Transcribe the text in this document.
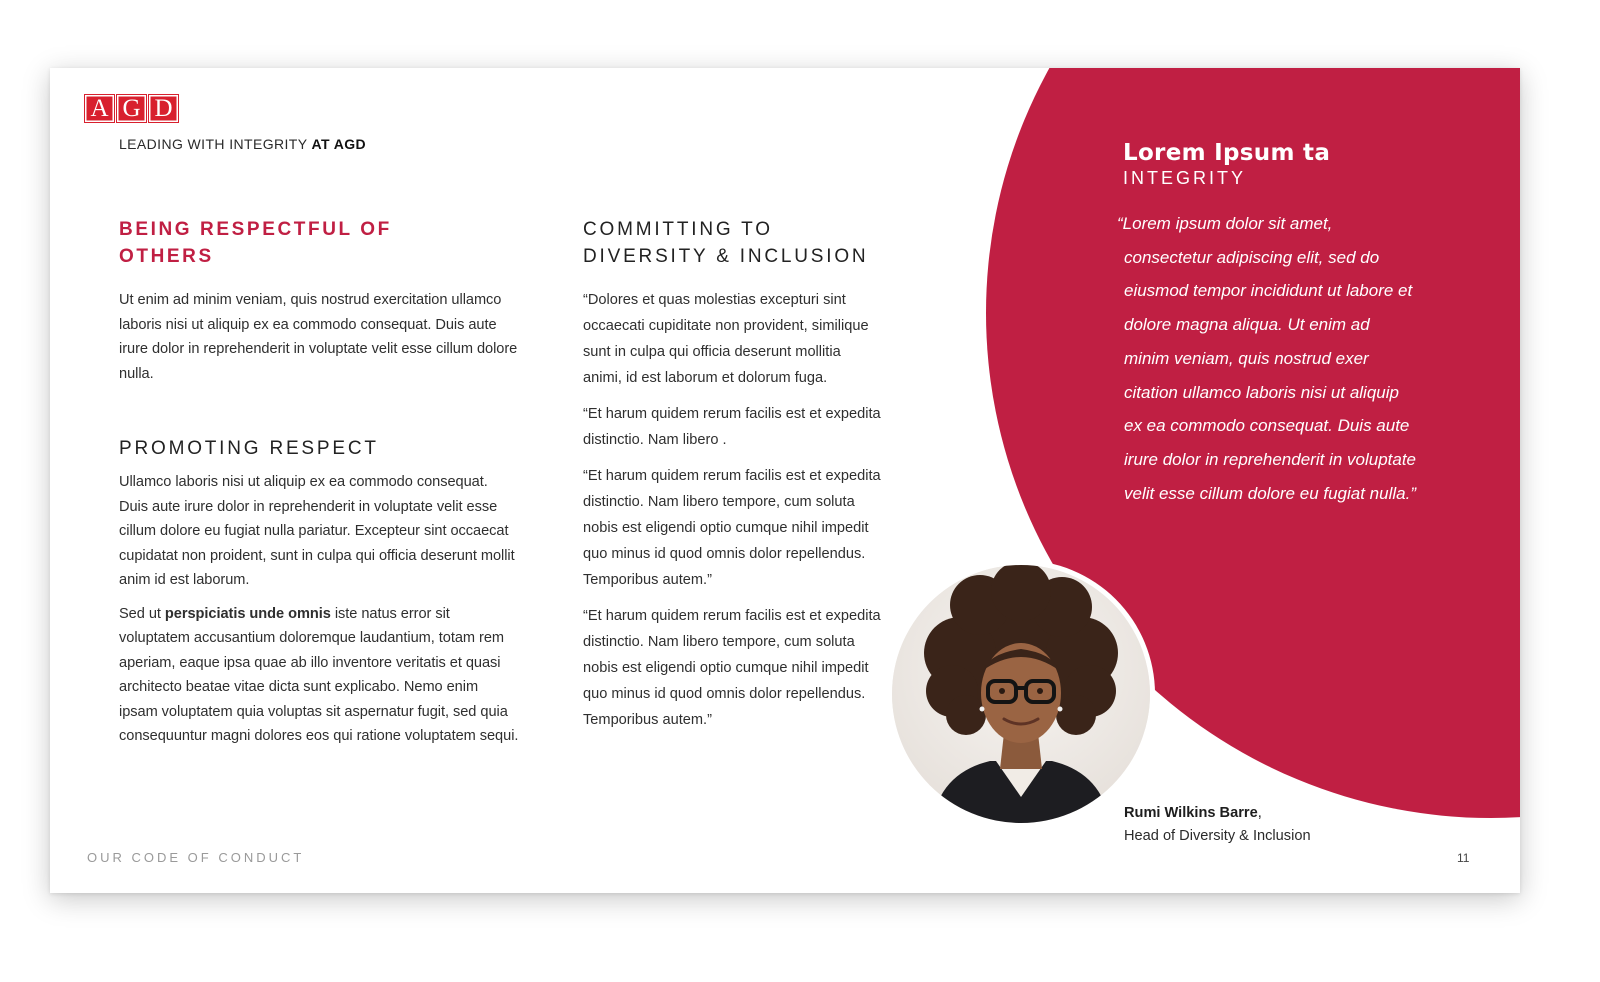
A G D
LEADING WITH INTEGRITY AT AGD
BEING RESPECTFUL OF
OTHERS

Ut enim ad minim veniam, quis nostrud exercitation ullamco laboris nisi ut aliquip ex ea commodo consequat. Duis aute irure dolor in reprehenderit in voluptate velit esse cillum dolore nulla.

PROMOTING RESPECT

Ullamco laboris nisi ut aliquip ex ea commodo consequat. Duis aute irure dolor in reprehenderit in voluptate velit esse cillum dolore eu fugiat nulla pariatur. Excepteur sint occaecat cupidatat non proident, sunt in culpa qui officia deserunt mollit anim id est laborum.

Sed ut perspiciatis unde omnis iste natus error sit voluptatem accusantium doloremque laudantium, totam rem aperiam, eaque ipsa quae ab illo inventore veritatis et quasi architecto beatae vitae dicta sunt explicabo. Nemo enim ipsam voluptatem quia voluptas sit aspernatur fugit, sed quia consequuntur magni dolores eos qui ratione voluptatem sequi.

COMMITTING TO
DIVERSITY & INCLUSION

“Dolores et quas molestias excepturi sint occaecati cupiditate non provident, similique sunt in culpa qui officia deserunt mollitia animi, id est laborum et dolorum fuga.

“Et harum quidem rerum facilis est et expedita distinctio. Nam libero .

“Et harum quidem rerum facilis est et expedita distinctio. Nam libero tempore, cum soluta nobis est eligendi optio cumque nihil impedit quo minus id quod omnis dolor repellendus. Temporibus autem.”

“Et harum quidem rerum facilis est et expedita distinctio. Nam libero tempore, cum soluta nobis est eligendi optio cumque nihil impedit quo minus id quod omnis dolor repellendus. Temporibus autem.”

Lorem Ipsum ta
INTEGRITY

“Lorem ipsum dolor sit amet, consectetur adipiscing elit, sed do eiusmod tempor incididunt ut labore et dolore magna aliqua. Ut enim ad minim veniam, quis nostrud exer citation ullamco laboris nisi ut aliquip ex ea commodo consequat. Duis aute irure dolor in reprehenderit in voluptate velit esse cillum dolore eu fugiat nulla.”

Rumi Wilkins Barre,
Head of Diversity & Inclusion
OUR CODE OF CONDUCT	11
